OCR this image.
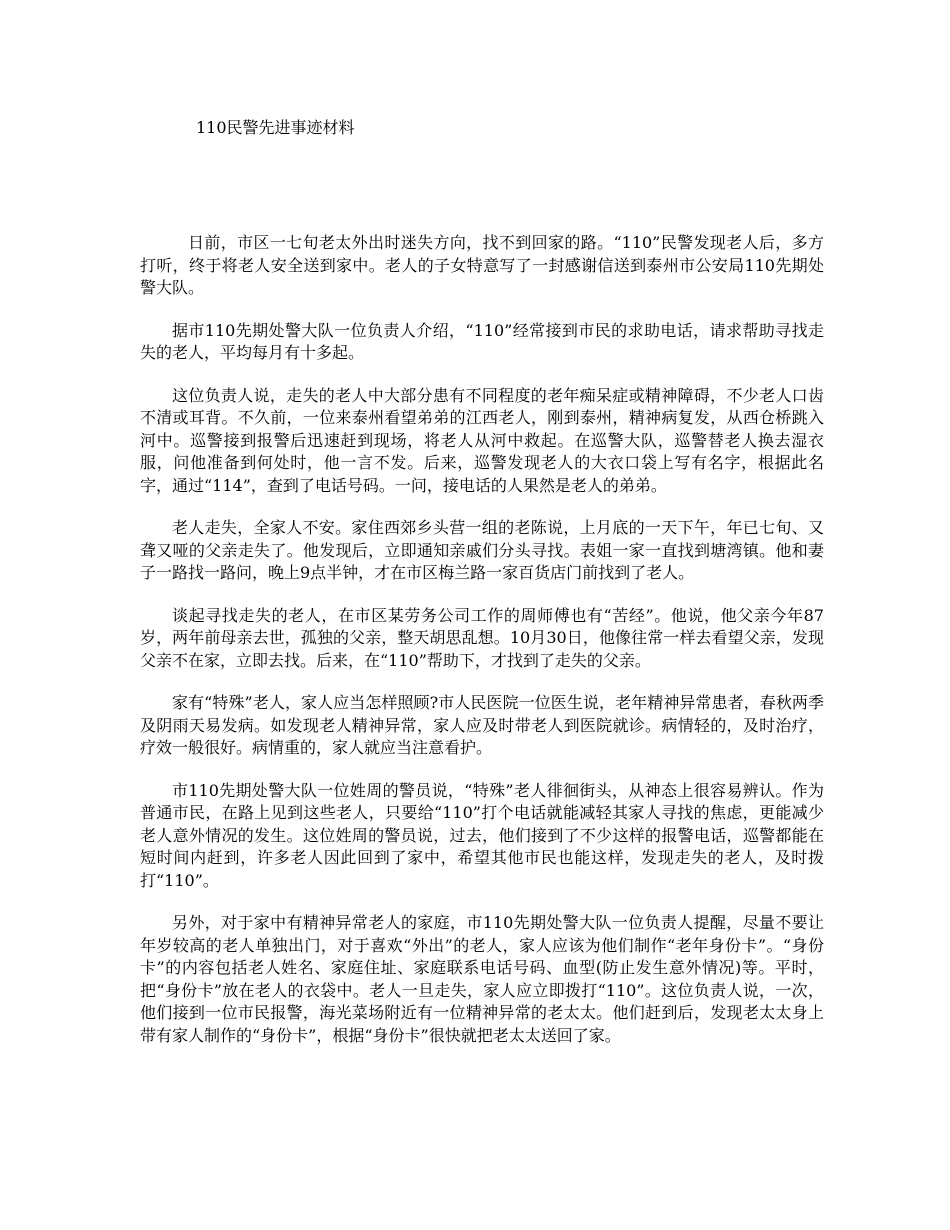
110民警先进事迹材料

日前，市区一七旬老太外出时迷失方向，找不到回家的路。“110”民警发现老人后，多方打听，终于将老人安全送到家中。老人的子女特意写了一封感谢信送到泰州市公安局110先期处警大队。

据市110先期处警大队一位负责人介绍，“110”经常接到市民的求助电话，请求帮助寻找走失的老人，平均每月有十多起。

这位负责人说，走失的老人中大部分患有不同程度的老年痴呆症或精神障碍，不少老人口齿不清或耳背。不久前，一位来泰州看望弟弟的江西老人，刚到泰州，精神病复发，从西仓桥跳入河中。巡警接到报警后迅速赶到现场，将老人从河中救起。在巡警大队，巡警替老人换去湿衣服，问他准备到何处时，他一言不发。后来，巡警发现老人的大衣口袋上写有名字，根据此名字，通过“114”，查到了电话号码。一问，接电话的人果然是老人的弟弟。

老人走失，全家人不安。家住西郊乡头营一组的老陈说，上月底的一天下午，年已七旬、又聋又哑的父亲走失了。他发现后，立即通知亲戚们分头寻找。表姐一家一直找到塘湾镇。他和妻子一路找一路问，晚上9点半钟，才在市区梅兰路一家百货店门前找到了老人。

谈起寻找走失的老人，在市区某劳务公司工作的周师傅也有“苦经”。他说，他父亲今年87岁，两年前母亲去世，孤独的父亲，整天胡思乱想。10月30日，他像往常一样去看望父亲，发现父亲不在家，立即去找。后来，在“110”帮助下，才找到了走失的父亲。

家有“特殊”老人，家人应当怎样照顾?市人民医院一位医生说，老年精神异常患者，春秋两季及阴雨天易发病。如发现老人精神异常，家人应及时带老人到医院就诊。病情轻的，及时治疗，疗效一般很好。病情重的，家人就应当注意看护。

市110先期处警大队一位姓周的警员说，“特殊”老人徘徊街头，从神态上很容易辨认。作为普通市民，在路上见到这些老人，只要给“110”打个电话就能减轻其家人寻找的焦虑，更能减少老人意外情况的发生。这位姓周的警员说，过去，他们接到了不少这样的报警电话，巡警都能在短时间内赶到，许多老人因此回到了家中，希望其他市民也能这样，发现走失的老人，及时拨打“110”。

另外，对于家中有精神异常老人的家庭，市110先期处警大队一位负责人提醒，尽量不要让年岁较高的老人单独出门，对于喜欢“外出”的老人，家人应该为他们制作“老年身份卡”。“身份卡”的内容包括老人姓名、家庭住址、家庭联系电话号码、血型(防止发生意外情况)等。平时，把“身份卡”放在老人的衣袋中。老人一旦走失，家人应立即拨打“110”。这位负责人说，一次，他们接到一位市民报警，海光菜场附近有一位精神异常的老太太。他们赶到后，发现老太太身上带有家人制作的“身份卡”，根据“身份卡”很快就把老太太送回了家。
